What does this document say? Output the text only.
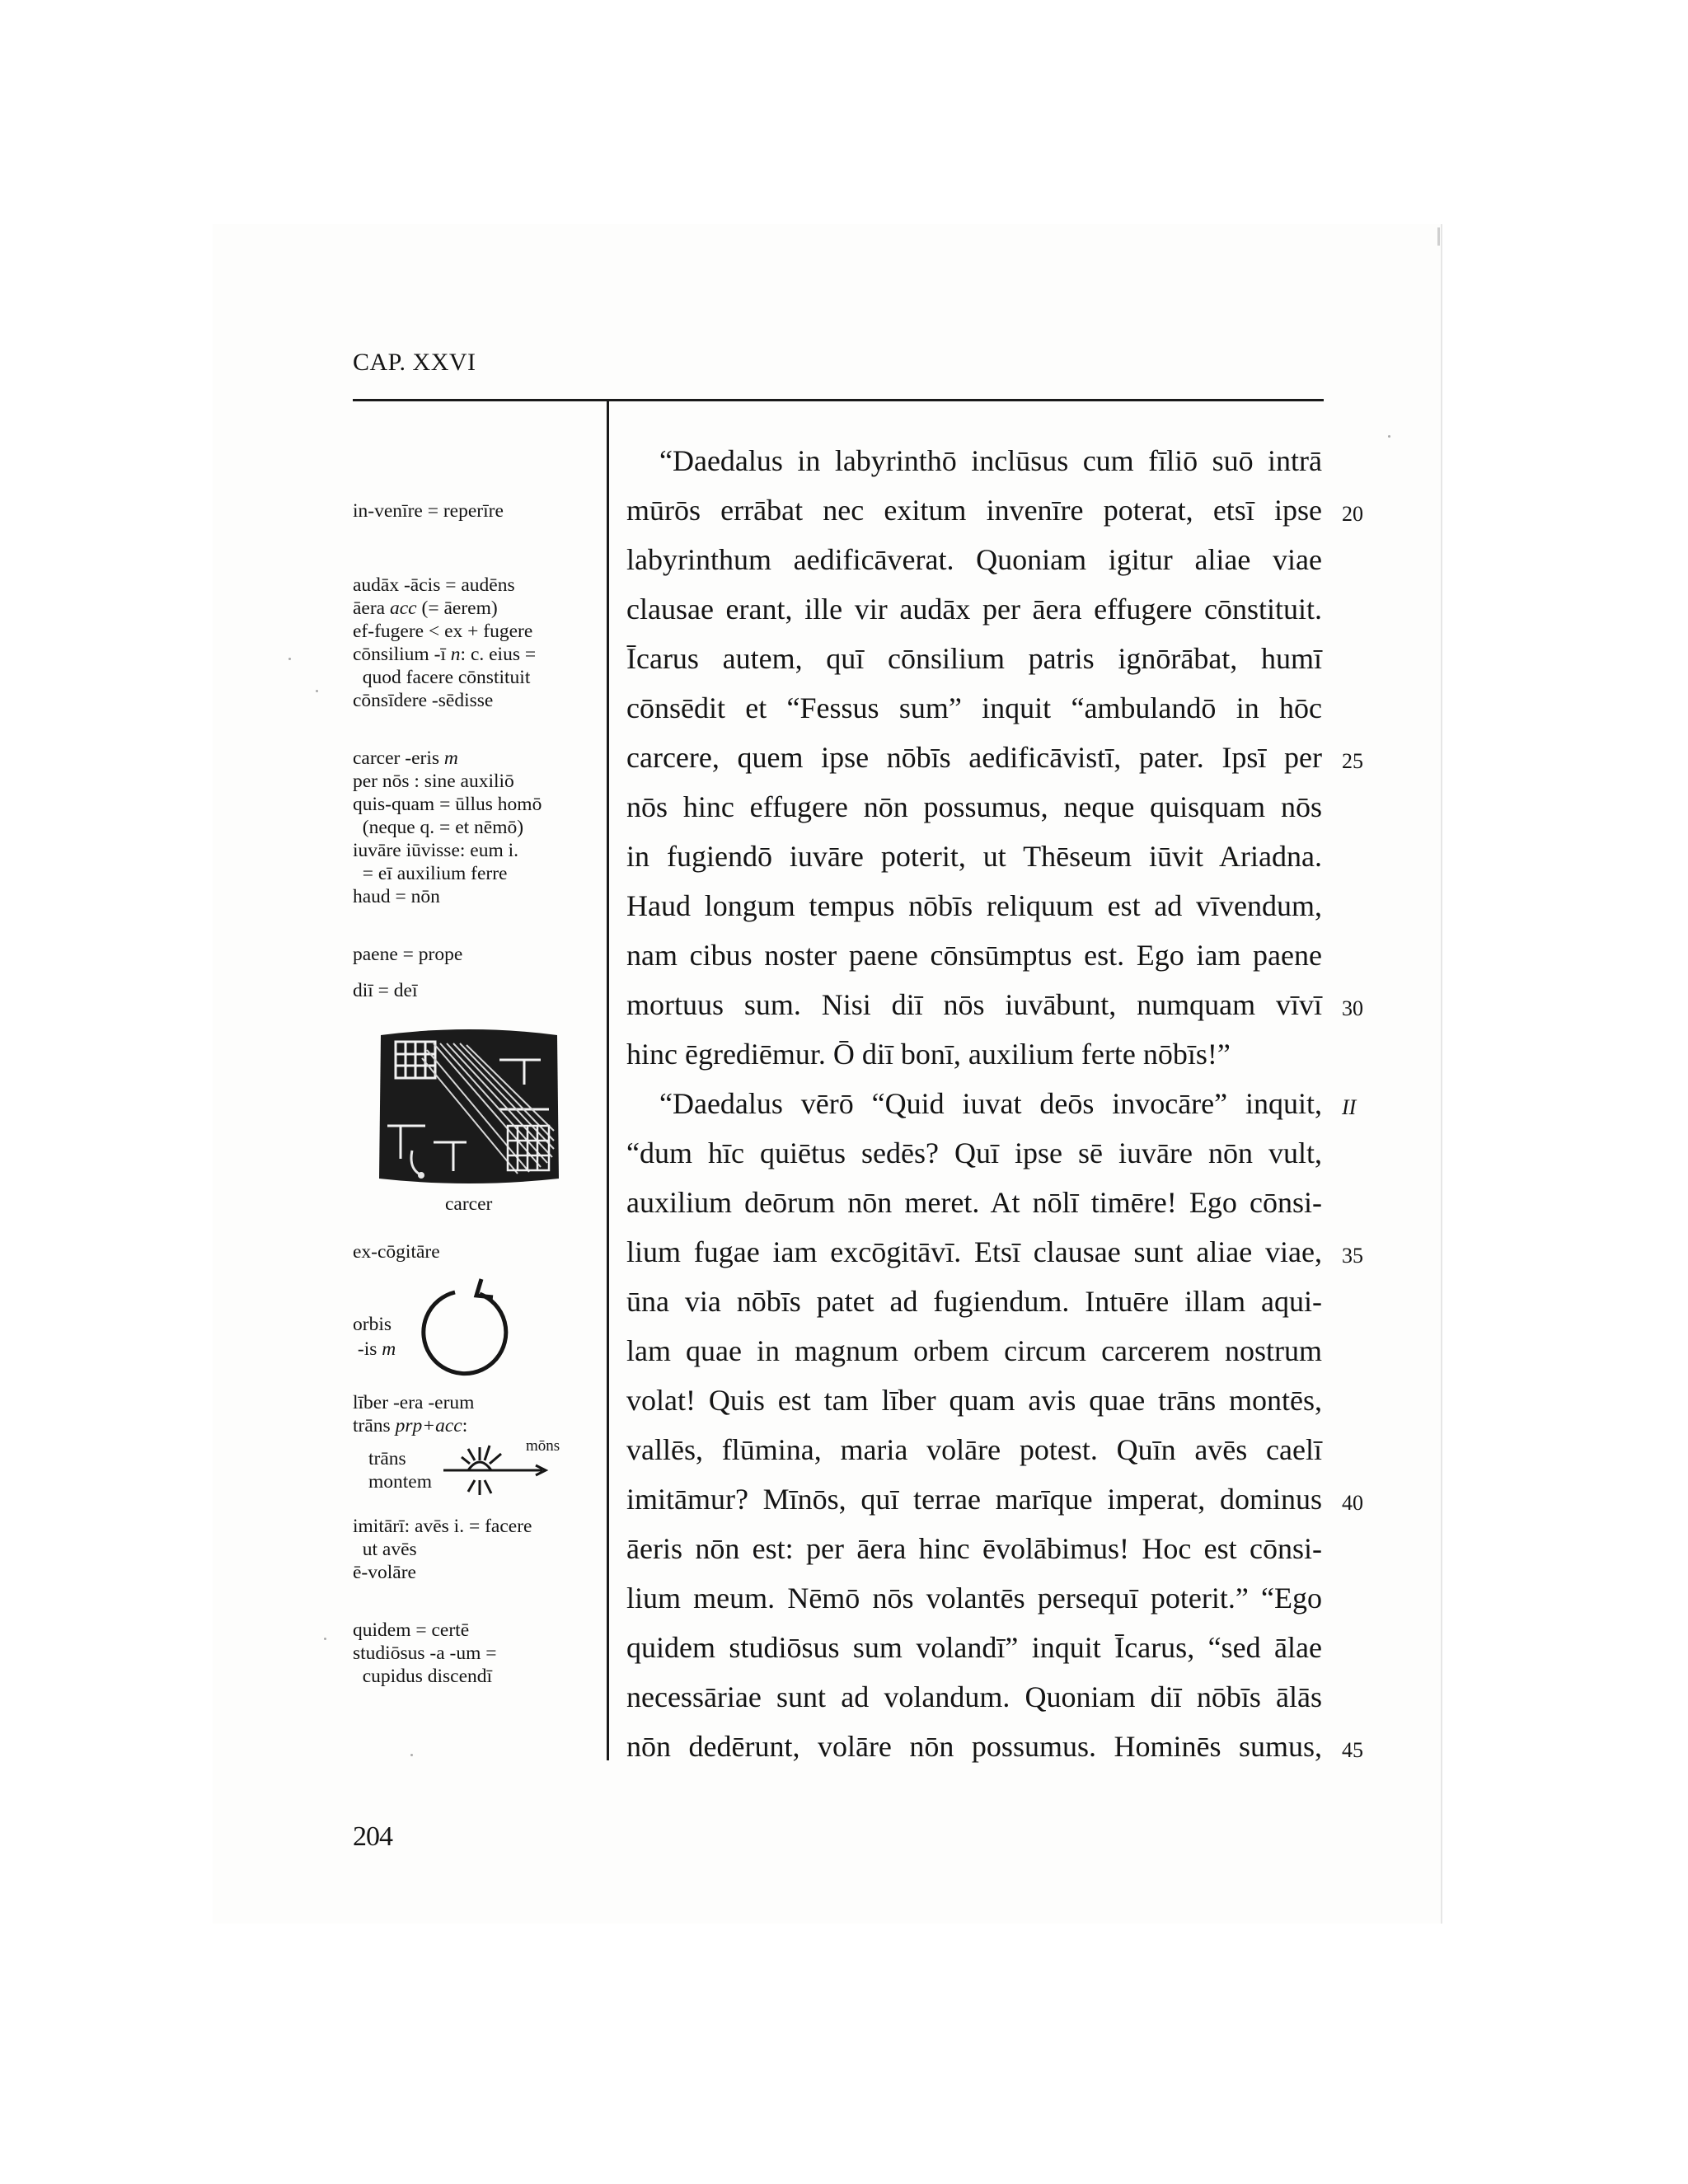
CAP. XXVI
in-venīre = reperīre
audāx -ācis = audēns
āera acc (= āerem)
ef-fugere < ex + fugere
cōnsilium -ī n: c. eius =
quod facere cōnstituit
cōnsīdere -sēdisse
carcer -eris m
per nōs : sine auxiliō
quis-quam = ūllus homō
(neque q. = et nēmō)
iuvāre iūvisse: eum i.
= eī auxilium ferre
haud = nōn
paene = prope
diī = deī
carcer
ex-cōgitāre
orbis
-is m
līber -era -erum
trāns prp+acc:
trāns
montem
mōns
imitārī: avēs i. = facere
ut avēs
ē-volāre
quidem = certē
studiōsus -a -um =
cupidus discendī
“Daedalus in labyrinthō inclūsus cum fīliō suō intrā
mūrōs errābat nec exitum invenīre poterat, etsī ipse
labyrinthum aedificāverat. Quoniam igitur aliae viae
clausae erant, ille vir audāx per āera effugere cōnstituit.
Īcarus autem, quī cōnsilium patris ignōrābat, humī
cōnsēdit et “Fessus sum” inquit “ambulandō in hōc
carcere, quem ipse nōbīs aedificāvistī, pater. Ipsī per
nōs hinc effugere nōn possumus, neque quisquam nōs
in fugiendō iuvāre poterit, ut Thēseum iūvit Ariadna.
Haud longum tempus nōbīs reliquum est ad vīvendum,
nam cibus noster paene cōnsūmptus est. Ego iam paene
mortuus sum. Nisi diī nōs iuvābunt, numquam vīvī
hinc ēgrediēmur. Ō diī bonī, auxilium ferte nōbīs!”
“Daedalus vērō “Quid iuvat deōs invocāre” inquit,
“dum hīc quiētus sedēs? Quī ipse sē iuvāre nōn vult,
auxilium deōrum nōn meret. At nōlī timēre! Ego cōnsi-
lium fugae iam excōgitāvī. Etsī clausae sunt aliae viae,
ūna via nōbīs patet ad fugiendum. Intuēre illam aqui-
lam quae in magnum orbem circum carcerem nostrum
volat! Quis est tam līber quam avis quae trāns montēs,
vallēs, flūmina, maria volāre potest. Quīn avēs caelī
imitāmur? Mīnōs, quī terrae marīque imperat, dominus
āeris nōn est: per āera hinc ēvolābimus! Hoc est cōnsi-
lium meum. Nēmō nōs volantēs persequī poterit.” “Ego
quidem studiōsus sum volandī” inquit Īcarus, “sed ālae
necessāriae sunt ad volandum. Quoniam diī nōbīs ālās
nōn dedērunt, volāre nōn possumus. Hominēs sumus,
20
25
30
II
35
40
45
204
